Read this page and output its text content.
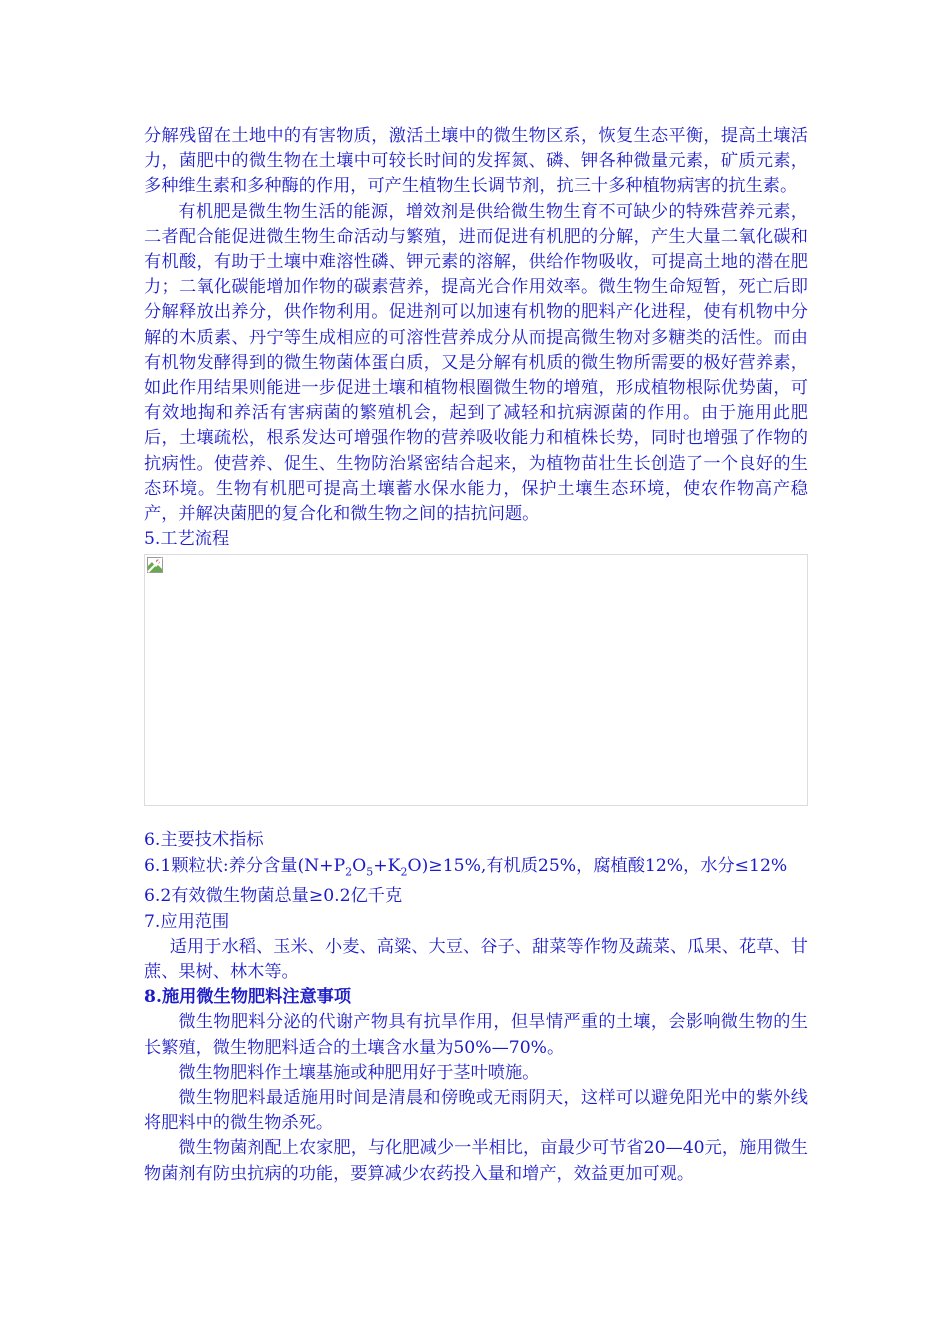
分解残留在土地中的有害物质，激活土壤中的微生物区系，恢复生态平衡，提高土壤活力，菌肥中的微生物在土壤中可较长时间的发挥氮、磷、钾各种微量元素，矿质元素，多种维生素和多种酶的作用，可产生植物生长调节剂，抗三十多种植物病害的抗生素。

有机肥是微生物生活的能源，增效剂是供给微生物生育不可缺少的特殊营养元素，二者配合能促进微生物生命活动与繁殖，进而促进有机肥的分解，产生大量二氧化碳和有机酸，有助于土壤中难溶性磷、钾元素的溶解，供给作物吸收，可提高土地的潜在肥力；二氧化碳能增加作物的碳素营养，提高光合作用效率。微生物生命短暂，死亡后即分解释放出养分，供作物利用。促进剂可以加速有机物的肥料产化进程，使有机物中分解的木质素、丹宁等生成相应的可溶性营养成分从而提高微生物对多糖类的活性。而由有机物发酵得到的微生物菌体蛋白质，又是分解有机质的微生物所需要的极好营养素，如此作用结果则能进一步促进土壤和植物根圈微生物的增殖，形成植物根际优势菌，可有效地掏和养活有害病菌的繁殖机会，起到了减轻和抗病源菌的作用。由于施用此肥后，土壤疏松，根系发达可增强作物的营养吸收能力和植株长势，同时也增强了作物的抗病性。使营养、促生、生物防治紧密结合起来，为植物苗壮生长创造了一个良好的生态环境。生物有机肥可提高土壤蓄水保水能力，保护土壤生态环境，使农作物高产稳产，并解决菌肥的复合化和微生物之间的拮抗问题。

5.工艺流程

6.主要技术指标

6.1颗粒状:养分含量$(N+P_2O_5+K_2O)\ge 15\%$,有机质25%，腐植酸12%，水分≤12%

6.2有效微生物菌总量≥0.2亿千克

7.应用范围

适用于水稻、玉米、小麦、高粱、大豆、谷子、甜菜等作物及蔬菜、瓜果、花草、甘蔗、果树、林木等。

8.施用微生物肥料注意事项

微生物肥料分泌的代谢产物具有抗旱作用，但旱情严重的土壤，会影响微生物的生长繁殖，微生物肥料适合的土壤含水量为50%—70%。

微生物肥料作土壤基施或种肥用好于茎叶喷施。

微生物肥料最适施用时间是清晨和傍晚或无雨阴天，这样可以避免阳光中的紫外线将肥料中的微生物杀死。

微生物菌剂配上农家肥，与化肥减少一半相比，亩最少可节省20—40元，施用微生物菌剂有防虫抗病的功能，要算减少农药投入量和增产，效益更加可观。
